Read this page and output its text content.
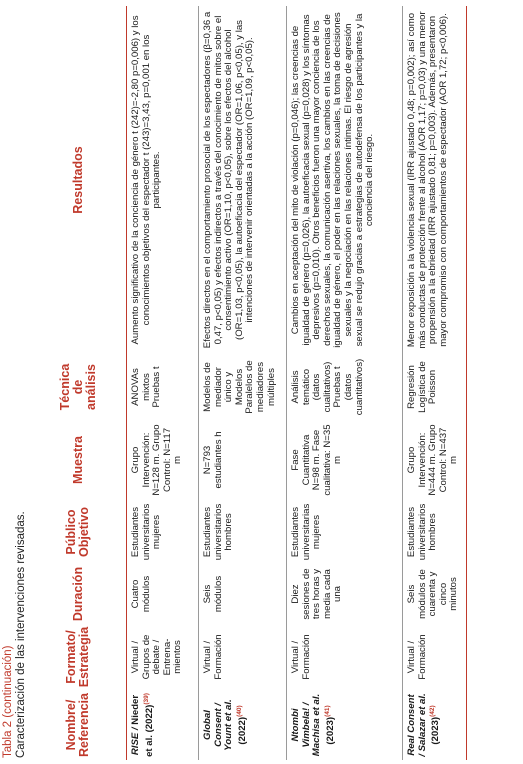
Tabla 2 (continuación) Caracterización de las intervenciones revisadas.	Nombre/ Referencia	Formato/ Estrategia	Duración	Público Objetivo	Muestra	Técnica de análisis	Resultados
RISE / Nieder et al. $(2022)^{(39)}$	Virtual / Grupos de debate / Entrena-mientos	Cuatro módulos	Estudiantes universitarios mujeres	Grupo Intervención: N=128 m. Grupo Control: N=117 m	ANOVAs mixtos Pruebas t	Aumento significativo de la conciencia de género t (242)=-2,80 p=0,006) y los conocimientos objetivos del espectador t (243)=3,43, p=0,001 en los participantes.
Global Consent / Yount et al. $(2022)^{(40)}$	Virtual / Formación	Seis módulos	Estudiantes universitarios hombres	N=793 estudiantes h	Modelos de mediador único y Modelos Paralelos de mediadores múltiples	Efectos directos en el comportamiento prosocial de los espectadores (β=0,36 a 0,47, p<0,05) y efectos indirectos a través del conocimiento de mitos sobre el consentimiento activo (OR=1,10, p<0,05), sobre los efectos del alcohol (OR=1,03, p<0,05), la autoeficacia del espectador (OR=1,06, p<0,05), y las intenciones de intervenir orientadas a la acción (OR=1,09, p<0,05).
Ntombi Vimbela! / Machisa et al. $(2023)^{(41)}$	Virtual / Formación	Diez sesiones de tres horas y media cada una	Estudiantes universitarias mujeres	Fase Cuantitativa N=98 m. Fase cualitativa: N=35 m	Análisis temático (datos cualitativos) Pruebas t (datos cuantitativos)	Cambios en aceptación del mito de violación (p=0,046); las creencias de igualdad de género (p=0,026), la autoeficacia sexual (p=0,028) y los síntomas depresivos (p=0,010). Otros beneficios fueron una mayor conciencia de los derechos sexuales, la comunicación asertiva, los cambios en las creencias de igualdad de género, el poder en las relaciones sexuales, la toma de decisiones sexuales y la negociación en las relaciones íntimas. El riesgo de agresión sexual se redujo gracias a estrategias de autodefensa de los participantes y la conciencia del riesgo.
Real Consent / Salazar et al. $(2023)^{(42)}$	Virtual / Formación	Seis módulos de cuarenta y cinco minutos	Estudiantes universitarios hombres	Grupo Intervención: N=444 m. Grupo Control: N=437 m	Regresión Logística de Poisson	Menor exposición a la violencia sexual (IRR ajustado 0,48; p=0,002); así como más conductas de protección frente al alcohol (AOR 1,17; p=0,03) y una menor propensión a la ebriedad (IRR ajustado 0,81; p=0,003). Además, presentaron mayor compromiso con comportamientos de espectador (AOR 1,72; p<0,006).
